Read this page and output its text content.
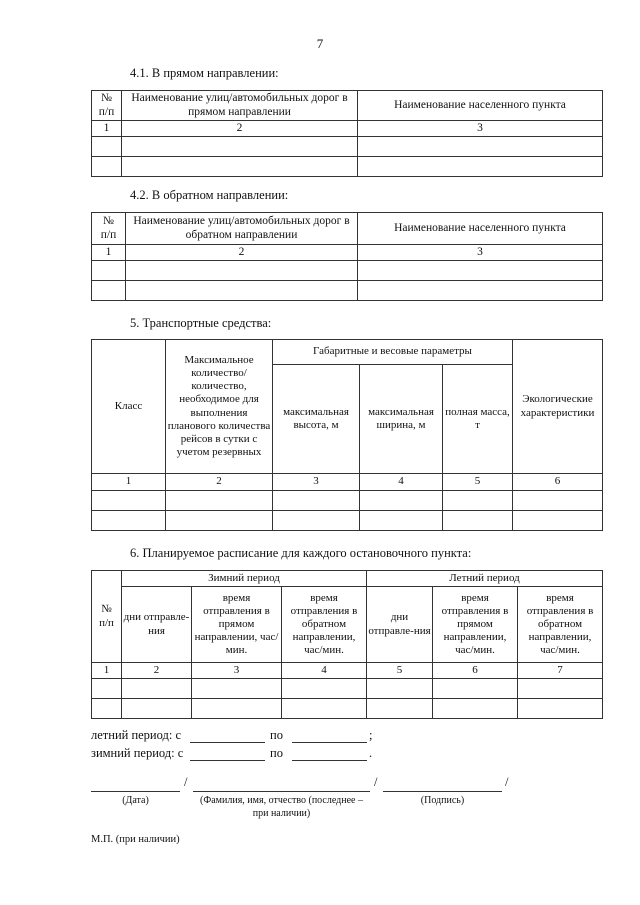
7
4.1. В прямом направлении:
№
п/п	Наименование улиц/автомобильных дорог в прямом направлении	Наименование населенного пункта
1	2	3

4.2. В обратном направлении:
№
п/п	Наименование улиц/автомобильных дорог в обратном направлении	Наименование населенного пункта
1	2	3

5. Транспортные средства:
Класс	Максимальное количество/ количество, необходимое для выполнения планового количества рейсов в сутки с учетом резервных	Габаритные и весовые параметры			Экологические характеристики
		максимальная высота, м	максимальная ширина, м	полная масса, т	
1	2	3	4	5	6

6. Планируемое расписание для каждого остановочного пункта:
№
п/п	Зимний период			Летний период		
	дни отправле-ния	время отправления в прямом направлении, час/мин.	время отправления в обратном направлении, час/мин.	дни отправле-ния	время отправления в прямом направлении, час/мин.	время отправления в обратном направлении, час/мин.
1	2	3	4	5	6	7

летний период: с	по	;
зимний период: с	по	.
/	/	/
(Дата)	(Фамилия, имя, отчество (последнее – при наличии)
(Подпись)
М.П. (при наличии)
